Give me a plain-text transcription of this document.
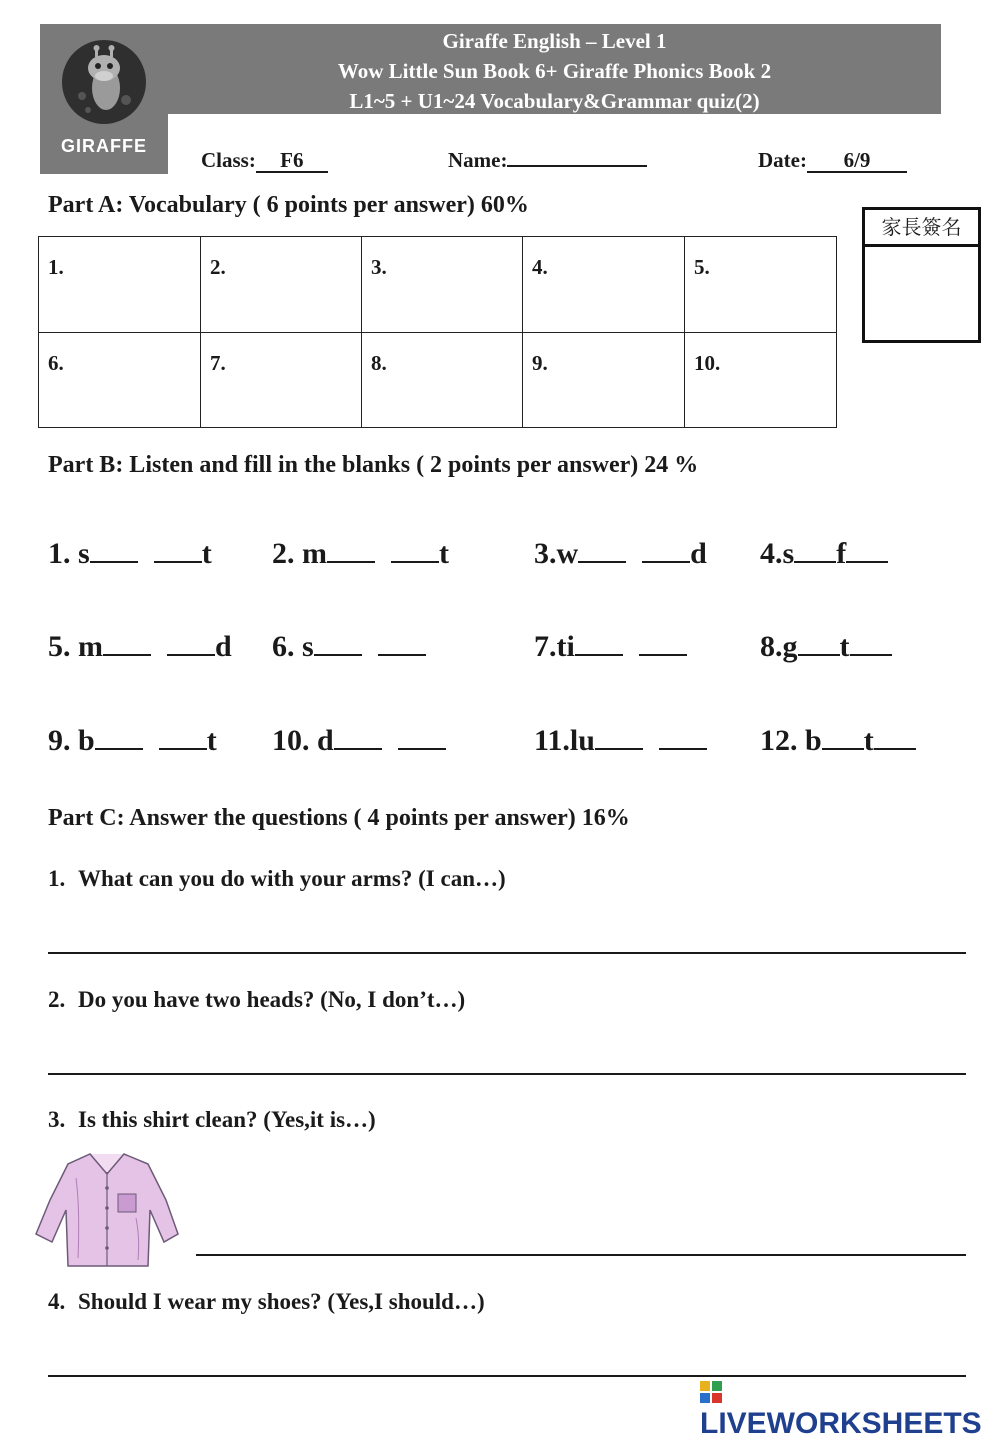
Giraffe English – Level 1
Wow Little Sun Book 6+ Giraffe Phonics Book 2
L1~5 + U1~24 Vocabulary&Grammar quiz(2)
GIRAFFE
Class: F6	Name:	Date: 6/9
Part A: Vocabulary ( 6 points per answer) 60%
1.	2.	3.	4.	5.
6.	7.	8.	9.	10.
家長簽名
Part B: Listen and fill in the blanks ( 2 points per answer) 24 %
1. s	t 2. m	t	3.w	d 4.s f
5. m	d 6. s	7.ti	8.g t
9. b	t 10. d	11.lu	12. b t
Part C: Answer the questions ( 4 points per answer) 16%
1. What can you do with your arms? (I can…)
2. Do you have two heads? (No, I don’t…)
3. Is this shirt clean? (Yes,it is…)
4. Should I wear my shoes? (Yes,I should…)
LIVEWORKSHEETS
